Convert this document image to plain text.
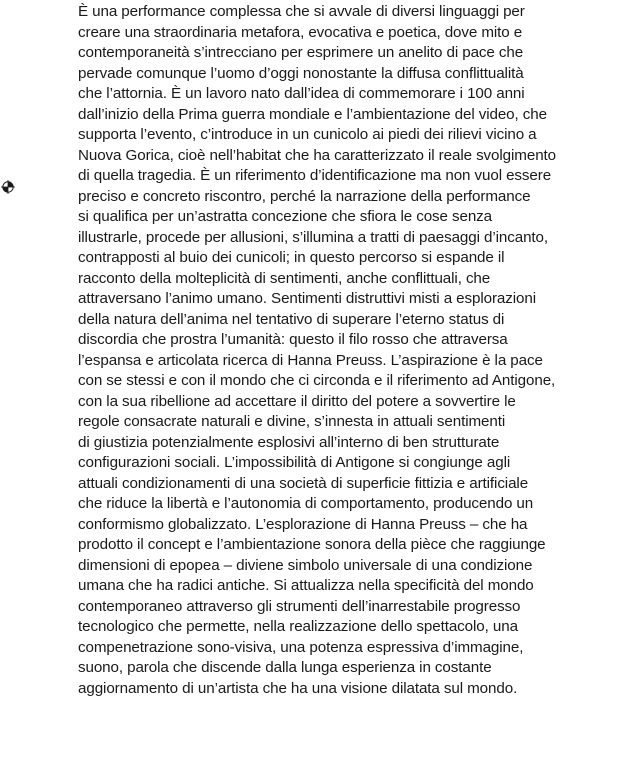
È una performance complessa che si avvale di diversi linguaggi per
creare una straordinaria metafora, evocativa e poetica, dove mito e
contemporaneità s’intrecciano per esprimere un anelito di pace che
pervade comunque l’uomo d’oggi nonostante la diffusa conflittualità
che l’attornia. È un lavoro nato dall’idea di commemorare i 100 anni
dall’inizio della Prima guerra mondiale e l’ambientazione del video, che
supporta l’evento, c’introduce in un cunicolo ai piedi dei rilievi vicino a
Nuova Gorica, cioè nell’habitat che ha caratterizzato il reale svolgimento
di quella tragedia. È un riferimento d’identificazione ma non vuol essere
preciso e concreto riscontro, perché la narrazione della performance
si qualifica per un’astratta concezione che sfiora le cose senza
illustrarle, procede per allusioni, s’illumina a tratti di paesaggi d’incanto,
contrapposti al buio dei cunicoli; in questo percorso si espande il
racconto della molteplicità di sentimenti, anche conflittuali, che
attraversano l’animo umano. Sentimenti distruttivi misti a esplorazioni
della natura dell’anima nel tentativo di superare l’eterno status di
discordia che prostra l’umanità: questo il filo rosso che attraversa
l’espansa e articolata ricerca di Hanna Preuss. L’aspirazione è la pace
con se stessi e con il mondo che ci circonda e il riferimento ad Antigone,
con la sua ribellione ad accettare il diritto del potere a sovvertire le
regole consacrate naturali e divine, s’innesta in attuali sentimenti
di giustizia potenzialmente esplosivi all’interno di ben strutturate
configurazioni sociali. L’impossibilità di Antigone si congiunge agli
attuali condizionamenti di una società di superficie fittizia e artificiale
che riduce la libertà e l’autonomia di comportamento, producendo un
conformismo globalizzato. L’esplorazione di Hanna Preuss – che ha
prodotto il concept e l’ambientazione sonora della pièce che raggiunge
dimensioni di epopea – diviene simbolo universale di una condizione
umana che ha radici antiche. Si attualizza nella specificità del mondo
contemporaneo attraverso gli strumenti dell’inarrestabile progresso
tecnologico che permette, nella realizzazione dello spettacolo, una
compenetrazione sono-visiva, una potenza espressiva d’immagine,
suono, parola che discende dalla lunga esperienza in costante
aggiornamento di un’artista che ha una visione dilatata sul mondo.
